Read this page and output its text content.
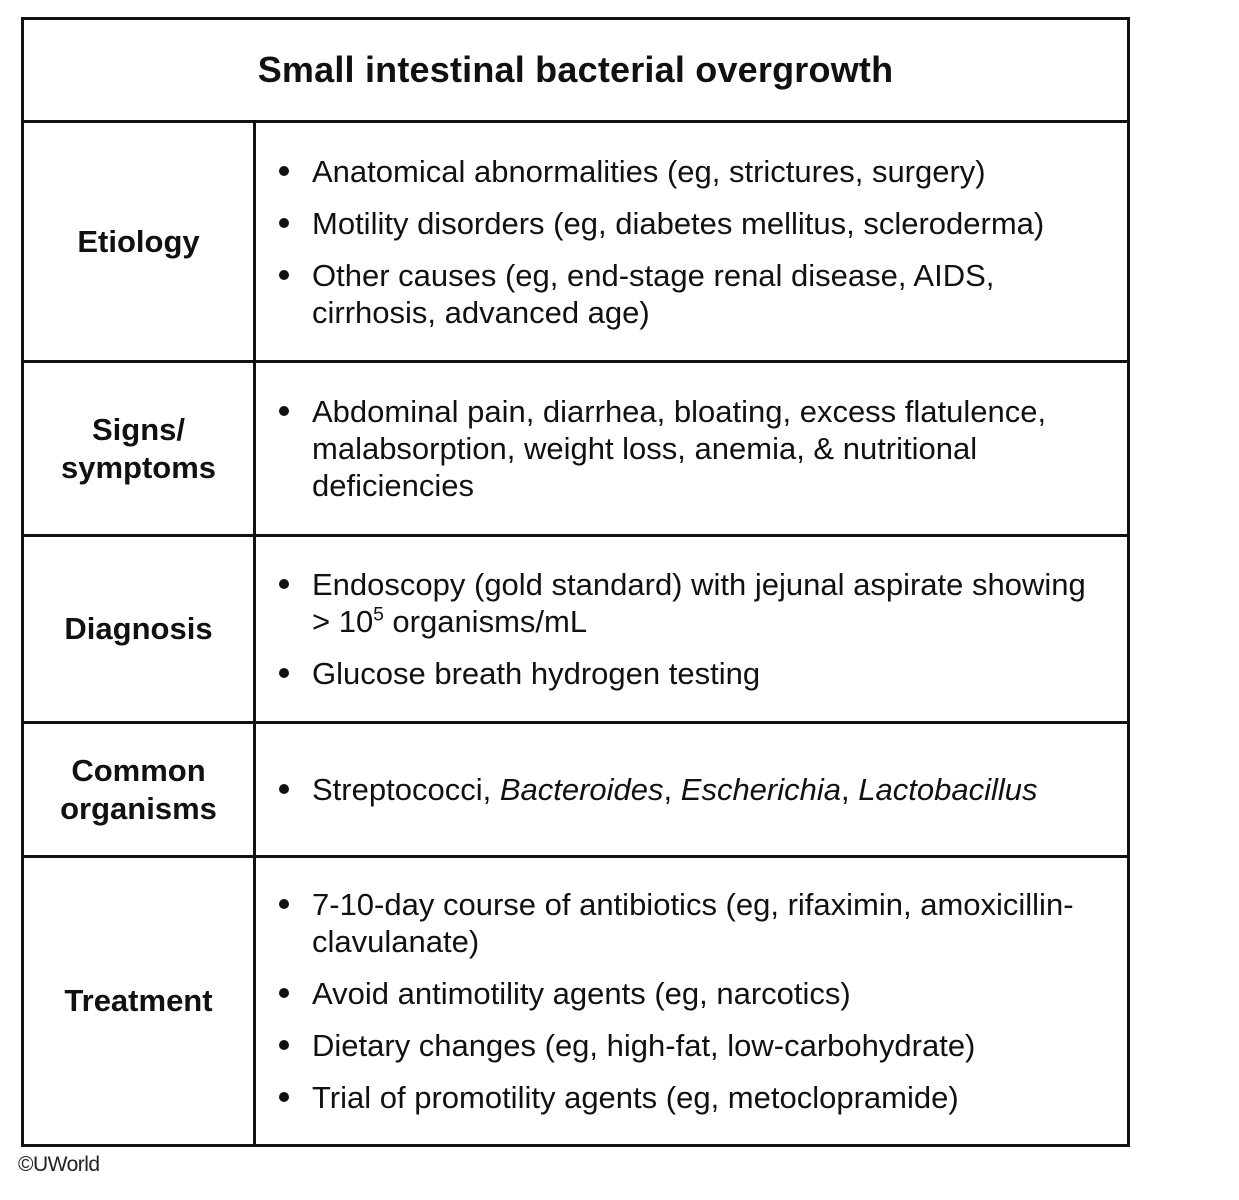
Small intestinal bacterial overgrowth
Etiology
Anatomical abnormalities (eg, strictures, surgery)
Motility disorders (eg, diabetes mellitus, scleroderma)
Other causes (eg, end-stage renal disease, AIDS, cirrhosis, advanced age)
Signs/
symptoms
Abdominal pain, diarrhea, bloating, excess flatulence, malabsorption, weight loss, anemia, & nutritional deficiencies
Diagnosis
Endoscopy (gold standard) with jejunal aspirate showing > $10^5$ organisms/mL
Glucose breath hydrogen testing
Common
organisms
Streptococci, Bacteroides, Escherichia, Lactobacillus
Treatment
7-10-day course of antibiotics (eg, rifaximin, amoxicillin-clavulanate)
Avoid antimotility agents (eg, narcotics)
Dietary changes (eg, high-fat, low-carbohydrate)
Trial of promotility agents (eg, metoclopramide)
©UWorld
